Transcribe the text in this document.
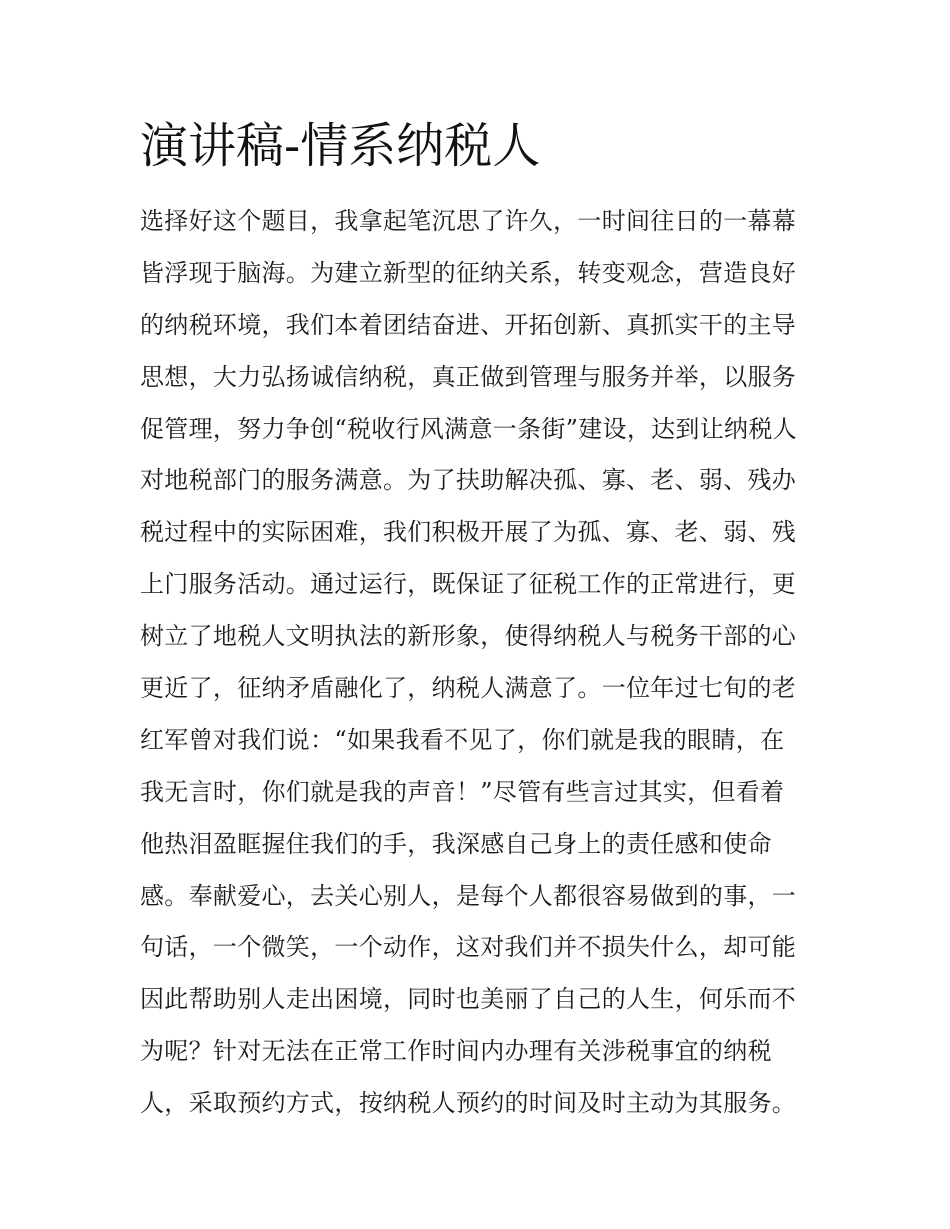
演讲稿-情系纳税人
选择好这个题目，我拿起笔沉思了许久，一时间往日的一幕幕
皆浮现于脑海。为建立新型的征纳关系，转变观念，营造良好
的纳税环境，我们本着团结奋进、开拓创新、真抓实干的主导
思想，大力弘扬诚信纳税，真正做到管理与服务并举，以服务
促管理，努力争创“税收行风满意一条街”建设，达到让纳税人
对地税部门的服务满意。为了扶助解决孤、寡、老、弱、残办
税过程中的实际困难，我们积极开展了为孤、寡、老、弱、残
上门服务活动。通过运行，既保证了征税工作的正常进行，更
树立了地税人文明执法的新形象，使得纳税人与税务干部的心
更近了，征纳矛盾融化了，纳税人满意了。一位年过七旬的老
红军曾对我们说：“如果我看不见了，你们就是我的眼睛，在
我无言时，你们就是我的声音！”尽管有些言过其实，但看着
他热泪盈眶握住我们的手，我深感自己身上的责任感和使命
感。奉献爱心，去关心别人，是每个人都很容易做到的事，一
句话，一个微笑，一个动作，这对我们并不损失什么，却可能
因此帮助别人走出困境，同时也美丽了自己的人生，何乐而不
为呢？针对无法在正常工作时间内办理有关涉税事宜的纳税
人，采取预约方式，按纳税人预约的时间及时主动为其服务。
